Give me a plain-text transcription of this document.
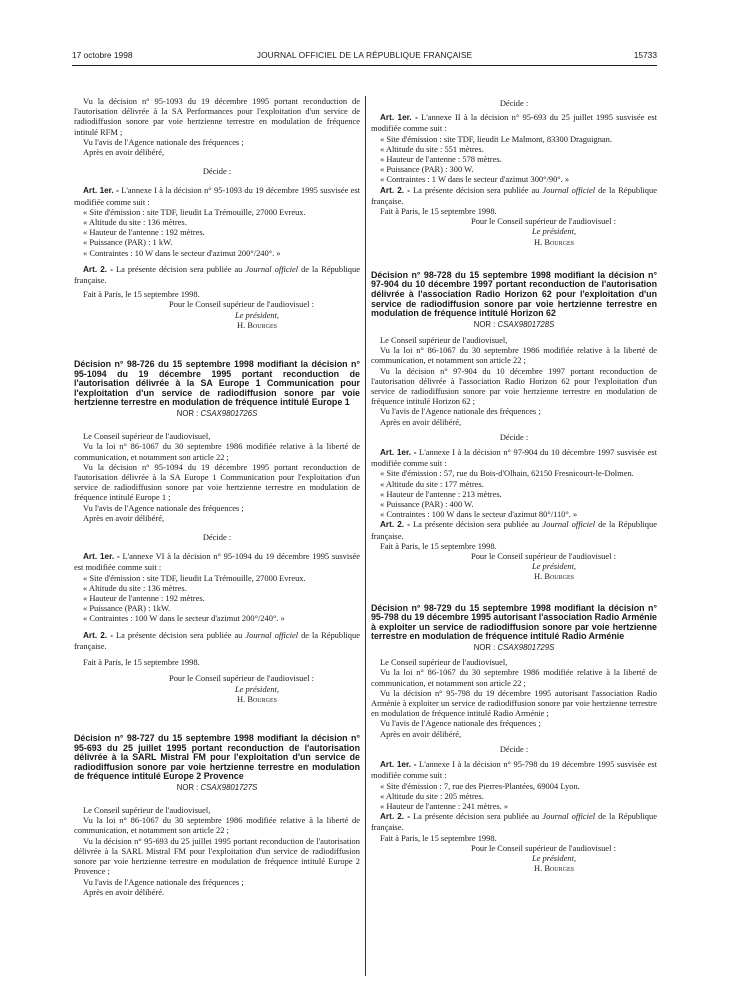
17 octobre 1998	JOURNAL OFFICIEL DE LA RÉPUBLIQUE FRANÇAISE	15733

Vu la décision n° 95-1093 du 19 décembre 1995 portant reconduction de l'autorisation délivrée à la SA Performances pour l'exploitation d'un service de radiodiffusion sonore par voie hertzienne terrestre en modulation de fréquence intitulé RFM ;

Vu l'avis de l'Agence nationale des fréquences ;

Après en avoir délibéré,

Décide :

Art. 1er. - L'annexe I à la décision n° 95-1093 du 19 décembre 1995 susvisée est modifiée comme suit :

« Site d'émission : site TDF, lieudit La Trémouille, 27000 Evreux.

« Altitude du site : 136 mètres.

« Hauteur de l'antenne : 192 mètres.

« Puissance (PAR) : 1 kW.

« Contraintes : 10 W dans le secteur d'azimut 200°/240°. »

Art. 2. - La présente décision sera publiée au Journal officiel de la République française.

Fait à Paris, le 15 septembre 1998.

Pour le Conseil supérieur de l'audiovisuel :

Le président,

H. Bourges

Décision n° 98-726 du 15 septembre 1998 modifiant la décision n° 95-1094 du 19 décembre 1995 portant reconduction de l'autorisation délivrée à la SA Europe 1 Communication pour l'exploitation d'un service de radiodiffusion sonore par voie hertzienne terrestre en modulation de fréquence intitulé Europe 1

NOR : CSAX9801726S

Le Conseil supérieur de l'audiovisuel,

Vu la loi n° 86-1067 du 30 septembre 1986 modifiée relative à la liberté de communication, et notamment son article 22 ;

Vu la décision n° 95-1094 du 19 décembre 1995 portant reconduction de l'autorisation délivrée à la SA Europe 1 Communication pour l'exploitation d'un service de radiodiffusion sonore par voie hertzienne terrestre en modulation de fréquence intitulé Europe 1 ;

Vu l'avis de l'Agence nationale des fréquences ;

Après en avoir délibéré,

Décide :

Art. 1er. - L'annexe VI à la décision n° 95-1094 du 19 décembre 1995 susvisée est modifiée comme suit :

« Site d'émission : site TDF, lieudit La Trémouille, 27000 Evreux.

« Altitude du site : 136 mètres.

« Hauteur de l'antenne : 192 mètres.

« Puissance (PAR) : 1kW.

« Contraintes : 100 W dans le secteur d'azimut 200°/240°. »

Art. 2. - La présente décision sera publiée au Journal officiel de la République française.

Fait à Paris, le 15 septembre 1998.

Pour le Conseil supérieur de l'audiovisuel :

Le président,

H. Bourges

Décision n° 98-727 du 15 septembre 1998 modifiant la décision n° 95-693 du 25 juillet 1995 portant reconduction de l'autorisation délivrée à la SARL Mistral FM pour l'exploitation d'un service de radiodiffusion sonore par voie hertzienne terrestre en modulation de fréquence intitulé Europe 2 Provence

NOR : CSAX9801727S

Le Conseil supérieur de l'audiovisuel,

Vu la loi n° 86-1067 du 30 septembre 1986 modifiée relative à la liberté de communication, et notamment son article 22 ;

Vu la décision n° 95-693 du 25 juillet 1995 portant reconduction de l'autorisation délivrée à la SARL Mistral FM pour l'exploitation d'un service de radiodiffusion sonore par voie hertzienne terrestre en modulation de fréquence intitulé Europe 2 Provence ;

Vu l'avis de l'Agence nationale des fréquences ;

Après en avoir délibéré.

Décide :

Art. 1er. - L'annexe II à la décision n° 95-693 du 25 juillet 1995 susvisée est modifiée comme suit :

« Site d'émission : site TDF, lieudit Le Malmont, 83300 Draguignan.

« Altitude du site : 551 mètres.

« Hauteur de l'antenne : 578 mètres.

« Puissance (PAR) : 300 W.

« Contraintes : 1 W dans le secteur d'azimut 300°/90°. »

Art. 2. - La présente décision sera publiée au Journal officiel de la République française.

Fait à Paris, le 15 septembre 1998.

Pour le Conseil supérieur de l'audiovisuel :

Le président,

H. Bourges

Décision n° 98-728 du 15 septembre 1998 modifiant la décision n° 97-904 du 10 décembre 1997 portant reconduction de l'autorisation délivrée à l'association Radio Horizon 62 pour l'exploitation d'un service de radiodiffusion sonore par voie hertzienne terrestre en modulation de fréquence intitulé Horizon 62

NOR : CSAX9801728S

Le Conseil supérieur de l'audiovisuel,

Vu la loi n° 86-1067 du 30 septembre 1986 modifiée relative à la liberté de communication, et notamment son article 22 ;

Vu la décision n° 97-904 du 10 décembre 1997 portant reconduction de l'autorisation délivrée à l'association Radio Horizon 62 pour l'exploitation d'un service de radiodiffusion sonore par voie hertzienne terrestre en modulation de fréquence intitulé Horizon 62 ;

Vu l'avis de l'Agence nationale des fréquences ;

Après en avoir délibéré,

Décide :

Art. 1er. - L'annexe I à la décision n° 97-904 du 10 décembre 1997 susvisée est modifiée comme suit :

« Site d'émission : 57, rue du Bois-d'Olhain, 62150 Fresnicourt-le-Dolmen.

« Altitude du site : 177 mètres.

« Hauteur de l'antenne : 213 mètres.

« Puissance (PAR) : 400 W.

« Contraintes : 100 W dans le secteur d'azimut 80°/110°. »

Art. 2. - La présente décision sera publiée au Journal officiel de la République française.

Fait à Paris, le 15 septembre 1998.

Pour le Conseil supérieur de l'audiovisuel :

Le président,

H. Bourges

Décision n° 98-729 du 15 septembre 1998 modifiant la décision n° 95-798 du 19 décembre 1995 autorisant l'association Radio Arménie à exploiter un service de radiodiffusion sonore par voie hertzienne terrestre en modulation de fréquence intitulé Radio Arménie

NOR : CSAX9801729S

Le Conseil supérieur de l'audiovisuel,

Vu la loi n° 86-1067 du 30 septembre 1986 modifiée relative à la liberté de communication, et notamment son article 22 ;

Vu la décision n° 95-798 du 19 décembre 1995 autorisant l'association Radio Arménie à exploiter un service de radiodiffusion sonore par voie hertzienne terrestre en modulation de fréquence intitulé Radio Arménie ;

Vu l'avis de l'Agence nationale des fréquences ;

Après en avoir délibéré,

Décide :

Art. 1er. - L'annexe I à la décision n° 95-798 du 19 décembre 1995 susvisée est modifiée comme suit :

« Site d'émission : 7, rue des Pierres-Plantées, 69004 Lyon.

« Altitude du site : 205 mètres.

« Hauteur de l'antenne : 241 mètres. »

Art. 2. - La présente décision sera publiée au Journal officiel de la République française.

Fait à Paris, le 15 septembre 1998.

Pour le Conseil supérieur de l'audiovisuel :

Le président,

H. Bourges
